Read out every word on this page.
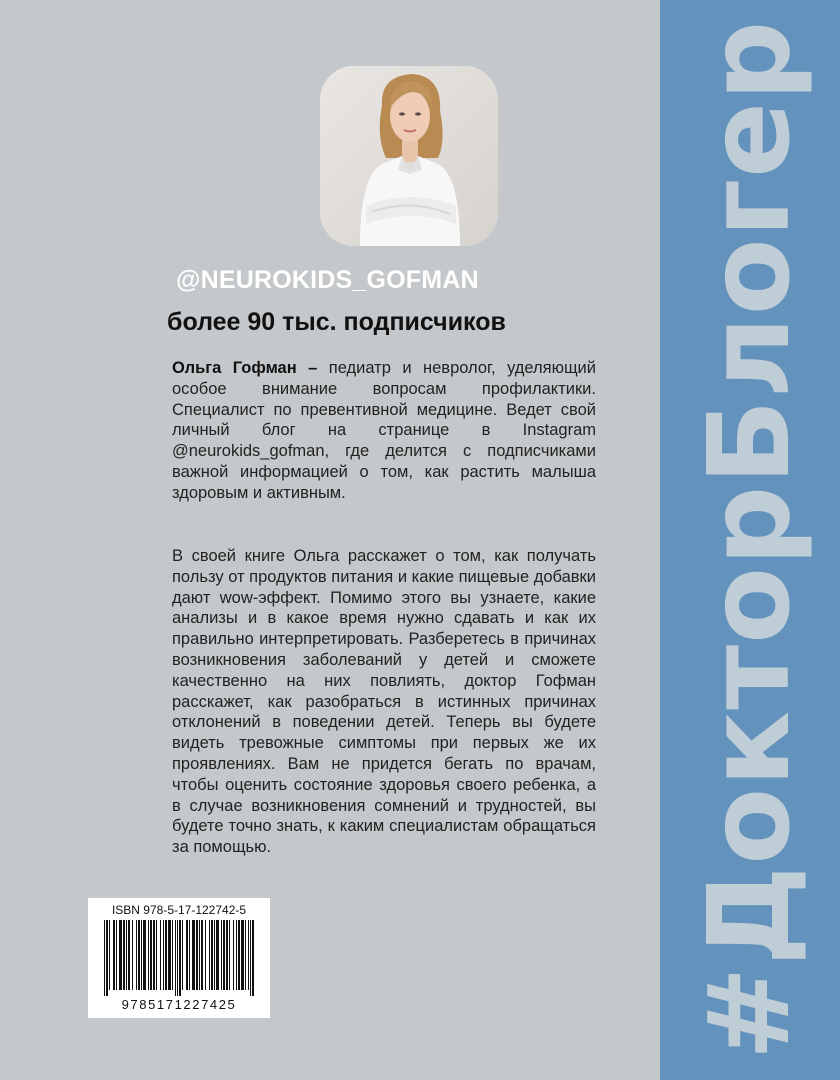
#ДокторБлогер
@NEUROKIDS_GOFMAN
более 90 тыс. подписчиков
Ольга Гофман – педиатр и невролог, уделяющий особое внимание вопросам профилактики. Специалист по превентивной медицине. Ведет свой личный блог на странице в Instagram @neurokids_gofman, где делится с подписчиками важной информацией о том, как растить малыша здоровым и активным.
В своей книге Ольга расскажет о том, как получать пользу от продуктов питания и какие пищевые добавки дают wow-эффект. Помимо этого вы узнаете, какие анализы и в какое время нужно сдавать и как их правильно интерпретировать. Разберетесь в причинах возникновения заболеваний у детей и сможете качественно на них повлиять, доктор Гофман расскажет, как разобраться в истинных причинах отклонений в поведении детей. Теперь вы будете видеть тревожные симптомы при первых же их проявлениях. Вам не придется бегать по врачам, чтобы оценить состояние здоровья своего ребенка, а в случае возникновения сомнений и трудностей, вы будете точно знать, к каким специалистам обращаться за помощью.
ISBN 978-5-17-122742-5
9785171227425
